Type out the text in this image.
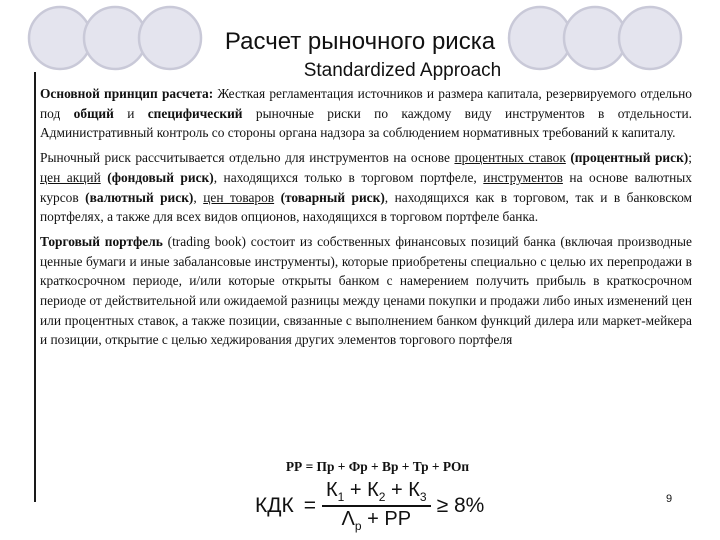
Расчет рыночного риска
Standardized Approach

Основной принцип расчета: Жесткая регламентация источников и размера капитала, резервируемого отдельно под общий и специфический рыночные риски по каждому виду инструментов в отдельности. Административный контроль со стороны органа надзора за соблюдением нормативных требований к капиталу.

Рыночный риск рассчитывается отдельно для инструментов на основе процентных ставок (процентный риск); цен акций (фондовый риск), находящихся только в торговом портфеле, инструментов на основе валютных курсов (валютный риск), цен товаров (товарный риск), находящихся как в торговом, так и в банковском портфелях, а также для всех видов опционов, находящихся в торговом портфеле банка.

Торговый портфель (trading book) состоит из собственных финансовых позиций банка (включая производные ценные бумаги и иные забалансовые инструменты), которые приобретены специально с целью их перепродажи в краткосрочном периоде, и/или которые открыты банком с намерением получить прибыль в краткосрочном периоде от действительной или ожидаемой разницы между ценами покупки и продажи либо иных изменений цен или процентных ставок, а также позиции, связанные с выполнением банком функций дилера или маркет-мейкера и позиции, открытие с целью хеджирования других элементов торгового портфеля

РР = Пр + Фр + Вр + Тр + РОп
КДК = $\frac{К_1 + К_2 + К_3}{\Lambda_р + РР} \ge 8\%$	9
